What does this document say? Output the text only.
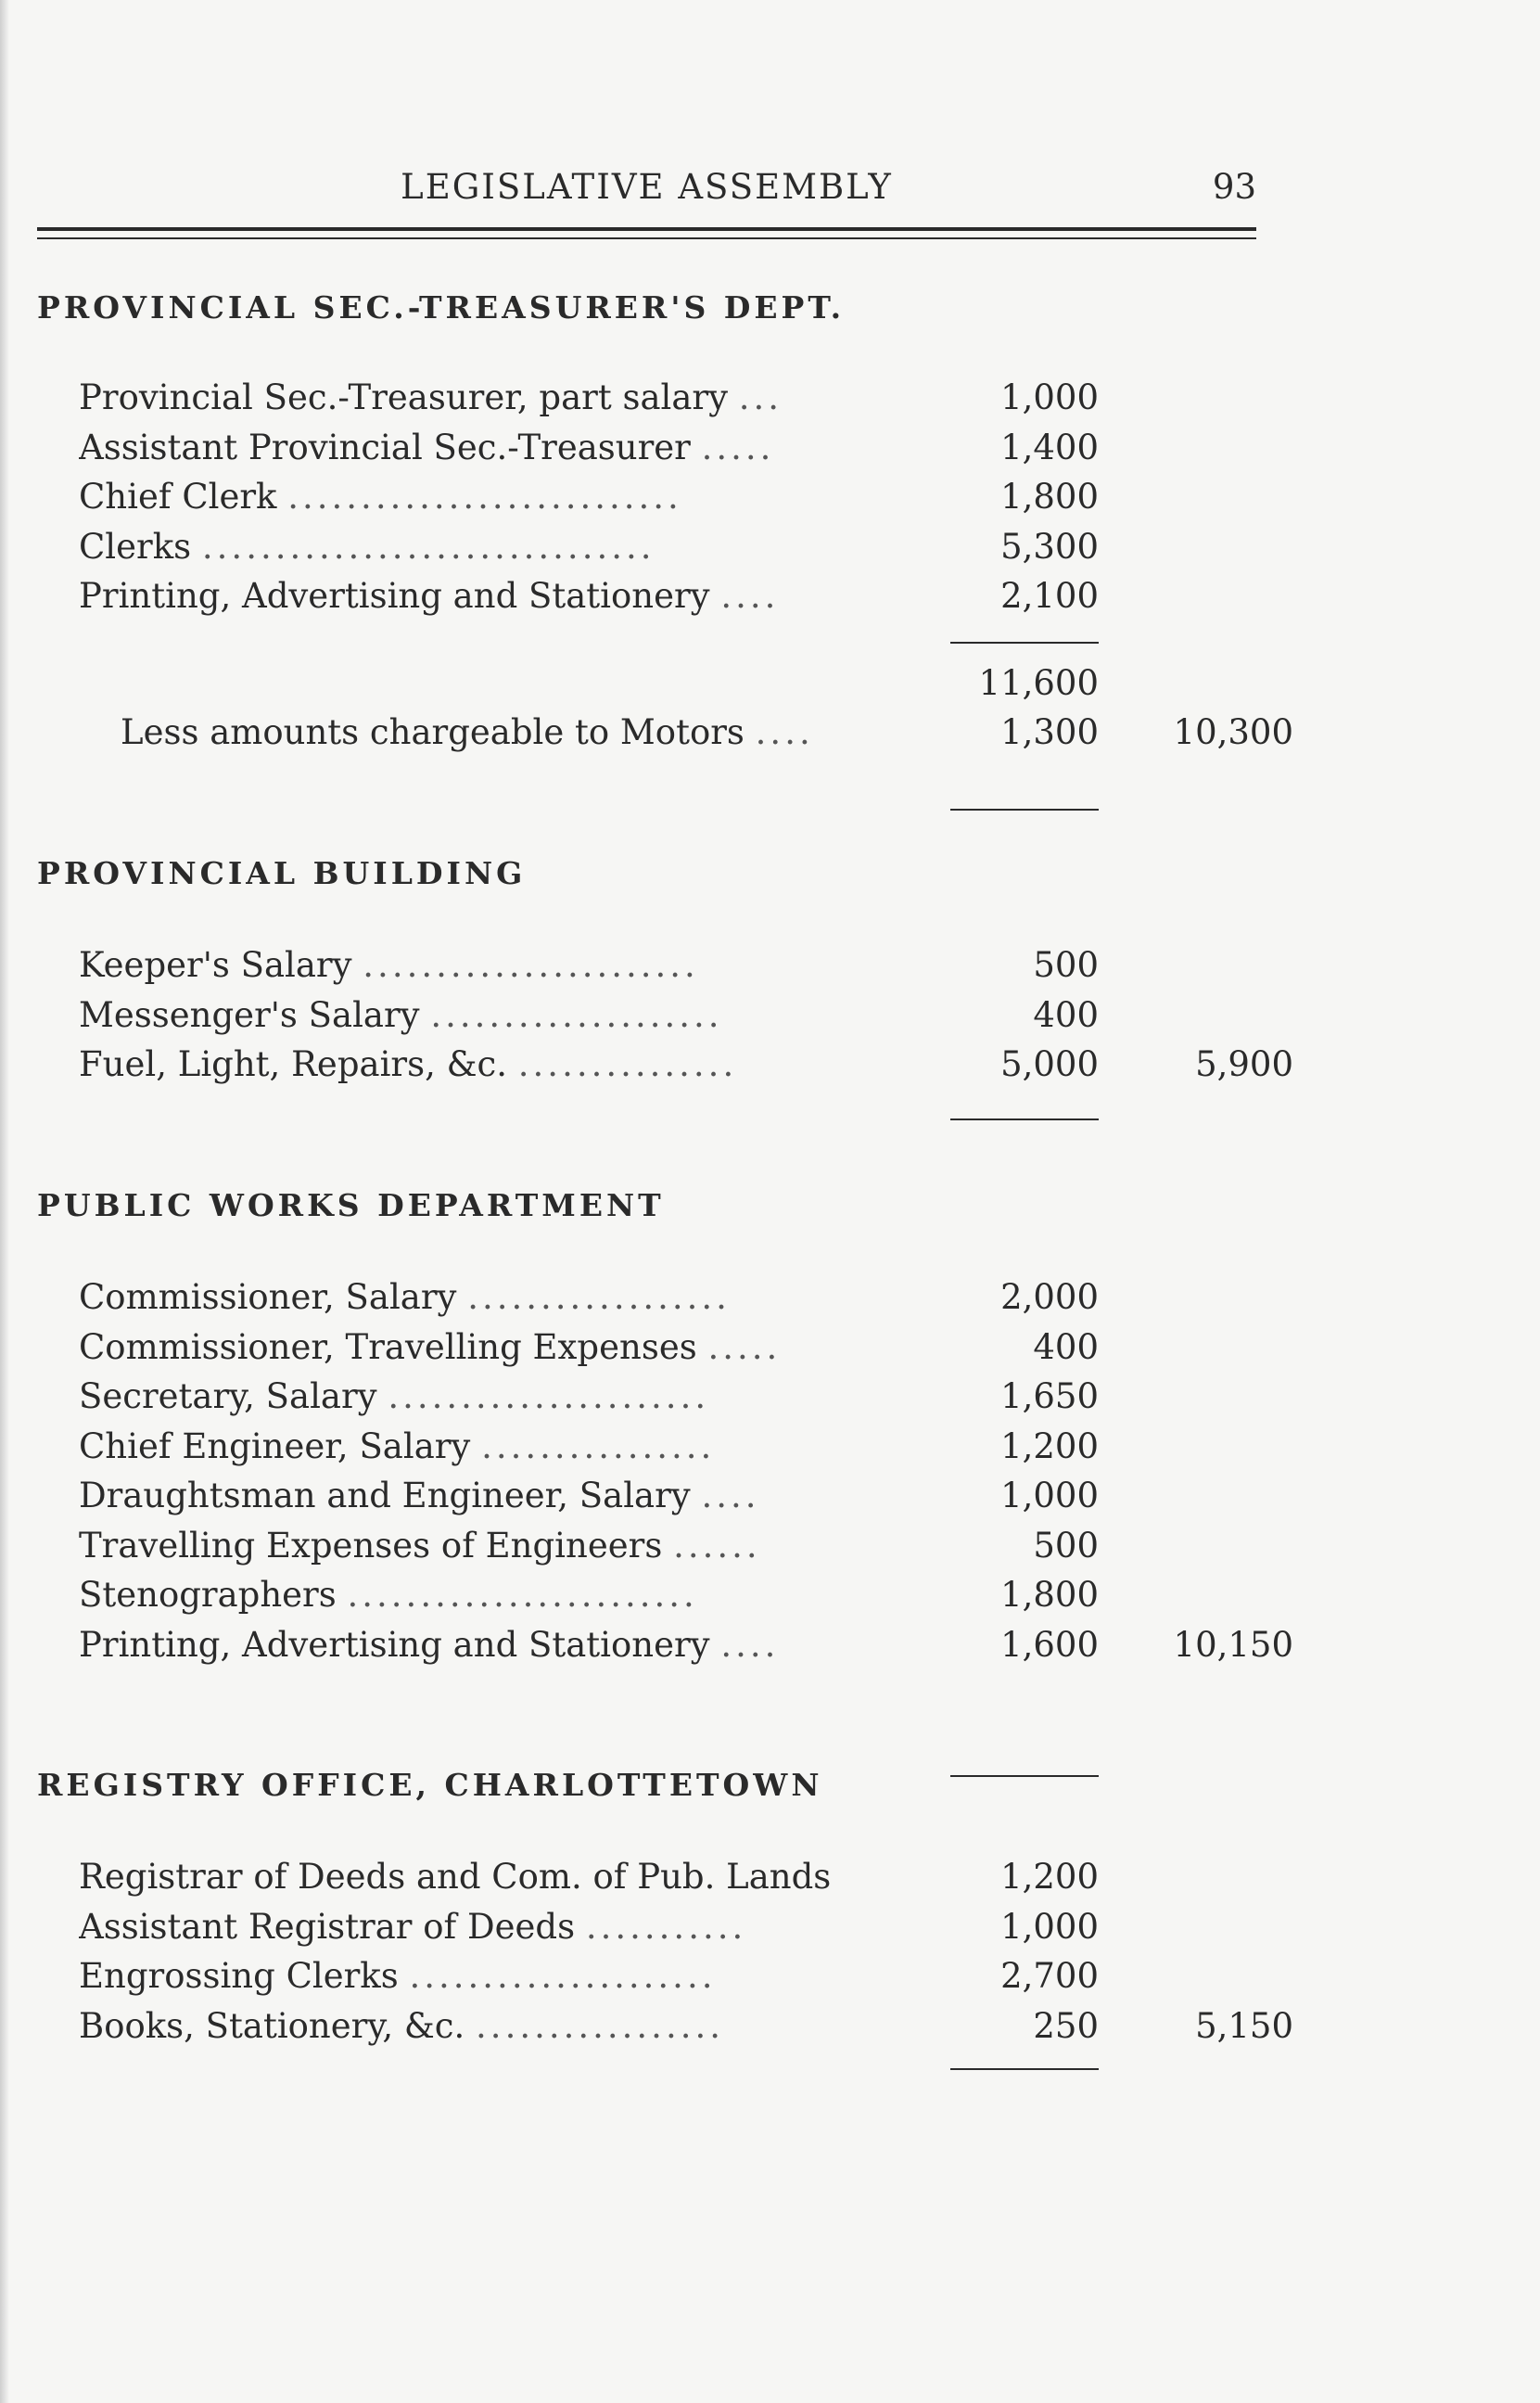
LEGISLATIVE ASSEMBLY	93
PROVINCIAL SEC.-TREASURER'S DEPT.
Provincial Sec.-Treasurer, part salary ...	1,000
Assistant Provincial Sec.-Treasurer .....	1,400
Chief Clerk ...........................	1,800
Clerks ...............................	5,300
Printing, Advertising and Stationery ....	2,100
11,600
Less amounts chargeable to Motors ....	1,300	10,300
PROVINCIAL BUILDING
Keeper's Salary .......................	500
Messenger's Salary ....................	400
Fuel, Light, Repairs, &c. ...............	5,000	5,900
PUBLIC WORKS DEPARTMENT
Commissioner, Salary ..................	2,000
Commissioner, Travelling Expenses .....	400
Secretary, Salary ......................	1,650
Chief Engineer, Salary ................	1,200
Draughtsman and Engineer, Salary ....	1,000
Travelling Expenses of Engineers ......	500
Stenographers ........................	1,800
Printing, Advertising and Stationery ....	1,600	10,150
REGISTRY OFFICE, CHARLOTTETOWN
Registrar of Deeds and Com. of Pub. Lands	1,200
Assistant Registrar of Deeds ...........	1,000
Engrossing Clerks .....................	2,700
Books, Stationery, &c. .................	250	5,150
